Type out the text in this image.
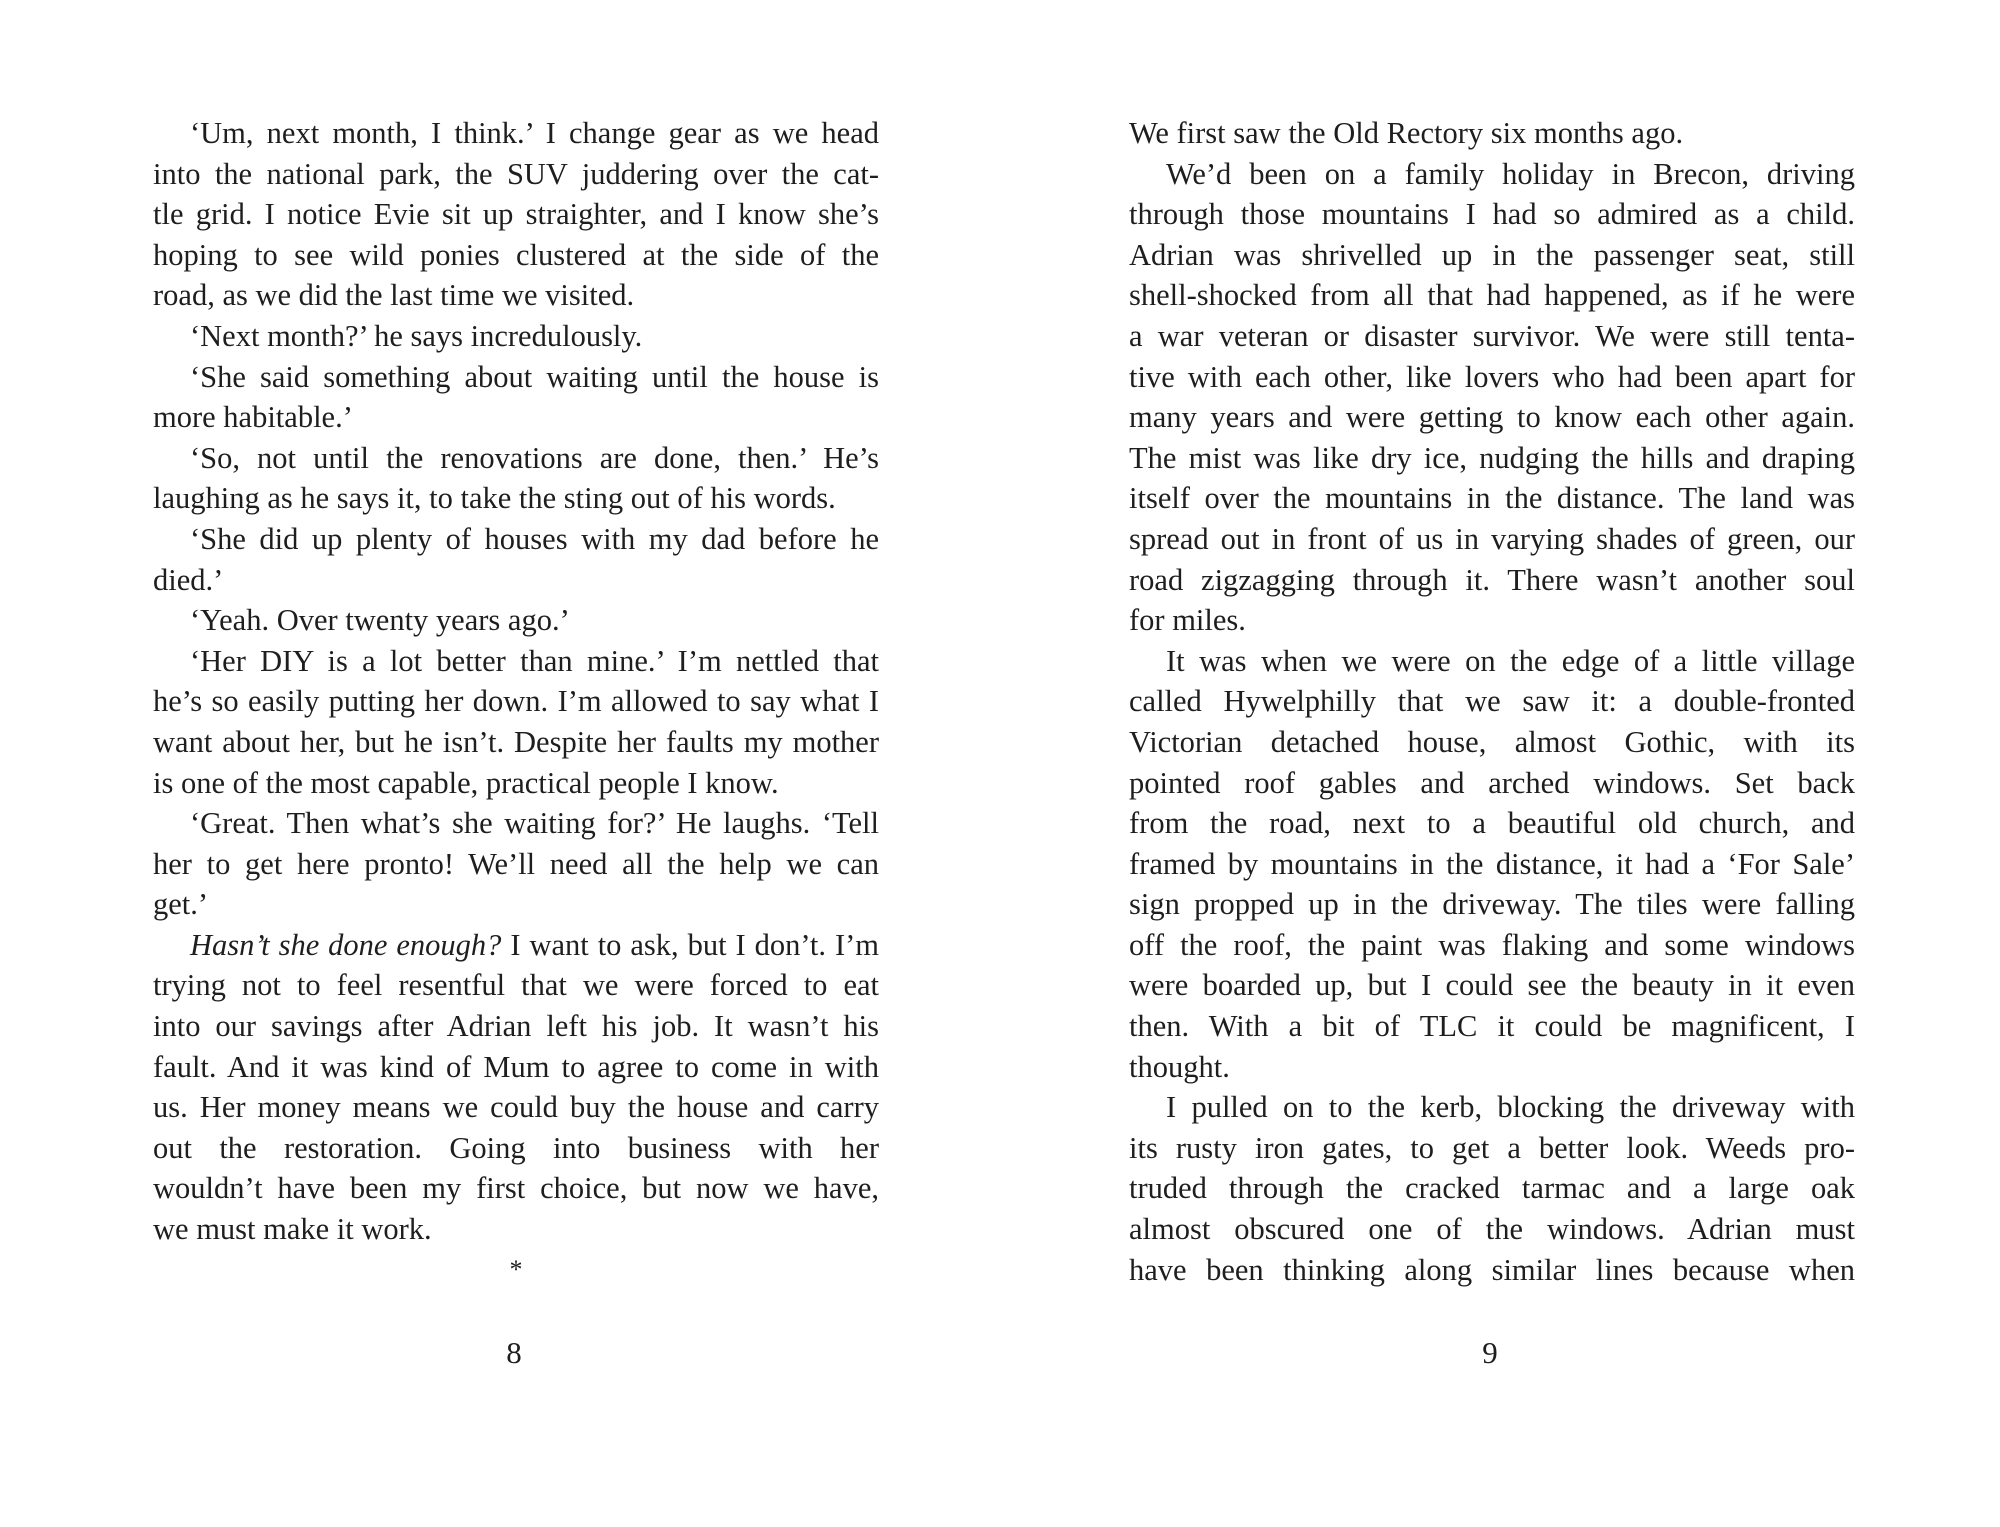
‘Um, next month, I think.’ I change gear as we head
into the national park, the SUV juddering over the cat-
tle grid. I notice Evie sit up straighter, and I know she’s
hoping to see wild ponies clustered at the side of the
road, as we did the last time we visited.
‘Next month?’ he says incredulously.
‘She said something about waiting until the house is
more habitable.’
‘So, not until the renovations are done, then.’ He’s
laughing as he says it, to take the sting out of his words.
‘She did up plenty of houses with my dad before he
died.’
‘Yeah. Over twenty years ago.’
‘Her DIY is a lot better than mine.’ I’m nettled that
he’s so easily putting her down. I’m allowed to say what I
want about her, but he isn’t. Despite her faults my mother
is one of the most capable, practical people I know.
‘Great. Then what’s she waiting for?’ He laughs. ‘Tell
her to get here pronto! We’ll need all the help we can
get.’
Hasn’t she done enough? I want to ask, but I don’t. I’m
trying not to feel resentful that we were forced to eat
into our savings after Adrian left his job. It wasn’t his
fault. And it was kind of Mum to agree to come in with
us. Her money means we could buy the house and carry
out the restoration. Going into business with her
wouldn’t have been my first choice, but now we have,
we must make it work.
*
8
We first saw the Old Rectory six months ago.
We’d been on a family holiday in Brecon, driving
through those mountains I had so admired as a child.
Adrian was shrivelled up in the passenger seat, still
shell-shocked from all that had happened, as if he were
a war veteran or disaster survivor. We were still tenta-
tive with each other, like lovers who had been apart for
many years and were getting to know each other again.
The mist was like dry ice, nudging the hills and draping
itself over the mountains in the distance. The land was
spread out in front of us in varying shades of green, our
road zigzagging through it. There wasn’t another soul
for miles.
It was when we were on the edge of a little village
called Hywelphilly that we saw it: a double-fronted
Victorian detached house, almost Gothic, with its
pointed roof gables and arched windows. Set back
from the road, next to a beautiful old church, and
framed by mountains in the distance, it had a ‘For Sale’
sign propped up in the driveway. The tiles were falling
off the roof, the paint was flaking and some windows
were boarded up, but I could see the beauty in it even
then. With a bit of TLC it could be magnificent, I
thought.
I pulled on to the kerb, blocking the driveway with
its rusty iron gates, to get a better look. Weeds pro-
truded through the cracked tarmac and a large oak
almost obscured one of the windows. Adrian must
have been thinking along similar lines because when
9
